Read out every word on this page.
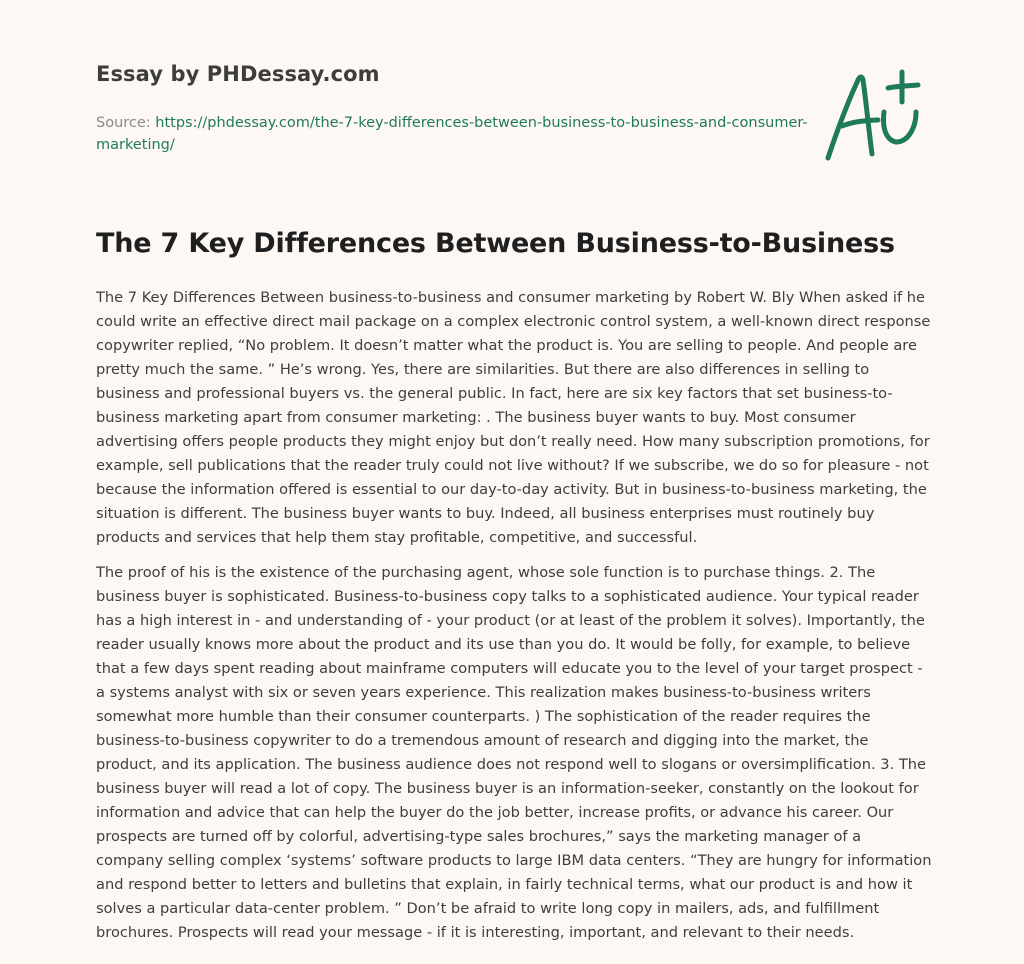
Essay by PHDessay.com
Source: https://phdessay.com/the-7-key-differences-between-business-to-business-and-consumer-marketing/
The 7 Key Differences Between Business-to-Business

The 7 Key Differences Between business-to-business and consumer marketing by Robert W. Bly When asked if he could write an effective direct mail package on a complex electronic control system, a well-known direct response copywriter replied, “No problem. It doesn’t matter what the product is. You are selling to people. And people are pretty much the same. ” He’s wrong. Yes, there are similarities. But there are also differences in selling to business and professional buyers vs. the general public. In fact, here are six key factors that set business-to-business marketing apart from consumer marketing: . The business buyer wants to buy. Most consumer advertising offers people products they might enjoy but don’t really need. How many subscription promotions, for example, sell publications that the reader truly could not live without? If we subscribe, we do so for pleasure - not because the information offered is essential to our day-to-day activity. But in business-to-business marketing, the situation is different. The business buyer wants to buy. Indeed, all business enterprises must routinely buy products and services that help them stay profitable, competitive, and successful.

The proof of his is the existence of the purchasing agent, whose sole function is to purchase things. 2. The business buyer is sophisticated. Business-to-business copy talks to a sophisticated audience. Your typical reader has a high interest in - and understanding of - your product (or at least of the problem it solves). Importantly, the reader usually knows more about the product and its use than you do. It would be folly, for example, to believe that a few days spent reading about mainframe computers will educate you to the level of your target prospect - a systems analyst with six or seven years experience. This realization makes business-to-business writers somewhat more humble than their consumer counterparts. ) The sophistication of the reader requires the business-to-business copywriter to do a tremendous amount of research and digging into the market, the product, and its application. The business audience does not respond well to slogans or oversimplification. 3. The business buyer will read a lot of copy. The business buyer is an information-seeker, constantly on the lookout for information and advice that can help the buyer do the job better, increase profits, or advance his career. Our prospects are turned off by colorful, advertising-type sales brochures,” says the marketing manager of a company selling complex ‘systems’ software products to large IBM data centers. “They are hungry for information and respond better to letters and bulletins that explain, in fairly technical terms, what our product is and how it solves a particular data-center problem. ” Don’t be afraid to write long copy in mailers, ads, and fulfillment brochures. Prospects will read your message - if it is interesting, important, and relevant to their needs.
